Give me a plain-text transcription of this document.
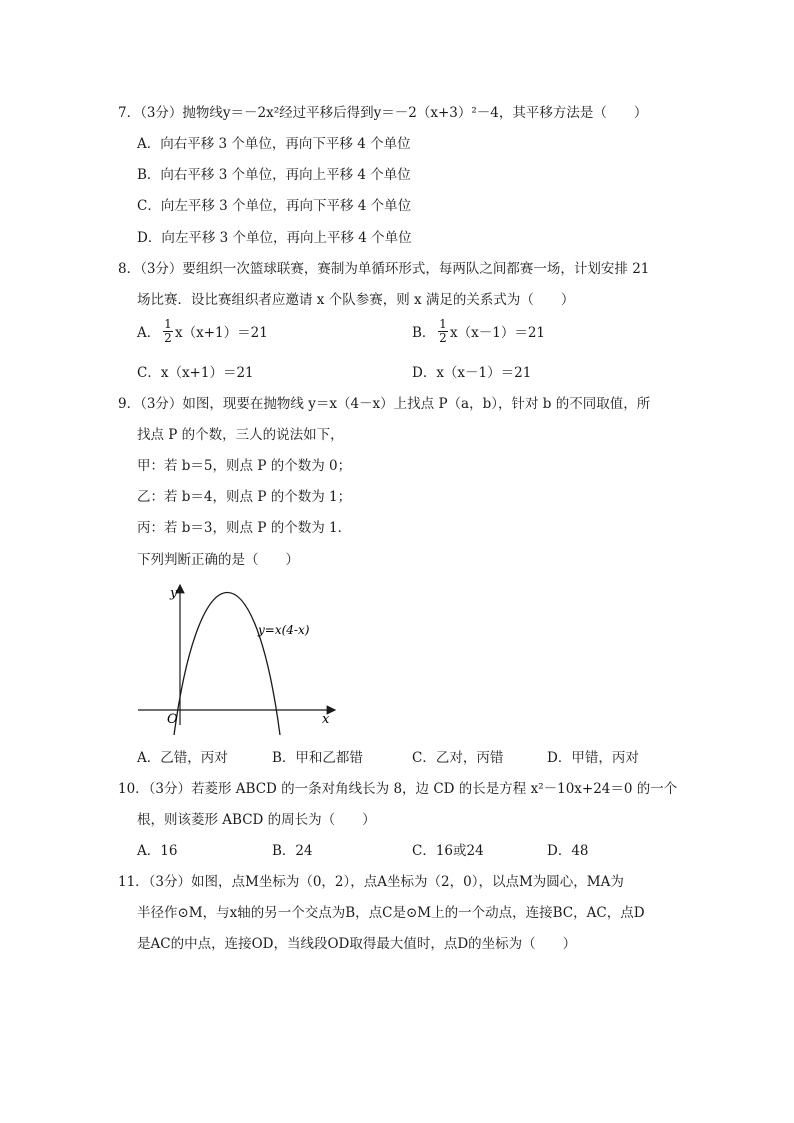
7．（3分）抛物线y＝－2x²经过平移后得到y＝－2（x+3）²－4，其平移方法是（　　）
A．向右平移 3 个单位，再向下平移 4 个单位
B．向右平移 3 个单位，再向上平移 4 个单位
C．向左平移 3 个单位，再向下平移 4 个单位
D．向左平移 3 个单位，再向上平移 4 个单位
8．（3分）要组织一次篮球联赛，赛制为单循环形式，每两队之间都赛一场，计划安排 21
场比赛．设比赛组织者应邀请 x 个队参赛，则 x 满足的关系式为（　　）
A． $\frac{1}{2} x(x+1)=21$	B． $\frac{1}{2} x(x-1)=21$
C．x（x+1）＝21	D．x（x－1）＝21
9．（3分）如图，现要在抛物线 y＝x（4－x）上找点 P（a，b），针对 b 的不同取值，所
找点 P 的个数，三人的说法如下，
甲：若 b＝5，则点 P 的个数为 0；
乙：若 b＝4，则点 P 的个数为 1；
丙：若 b＝3，则点 P 的个数为 1．
下列判断正确的是（　　）
y
x
O
y=x(4-x)
A．乙错，丙对	B．甲和乙都错	C．乙对，丙错	D．甲错，丙对
10．（3分）若菱形 ABCD 的一条对角线长为 8，边 CD 的长是方程 x²－10x+24＝0 的一个
根，则该菱形 ABCD 的周长为（　　）
A．16	B．24	C．16或24	D．48
11．（3分）如图，点M坐标为（0，2），点A坐标为（2，0），以点M为圆心，MA为
半径作⊙M，与x轴的另一个交点为B，点C是⊙M上的一个动点，连接BC，AC，点D
是AC的中点，连接OD，当线段OD取得最大值时，点D的坐标为（　　）
